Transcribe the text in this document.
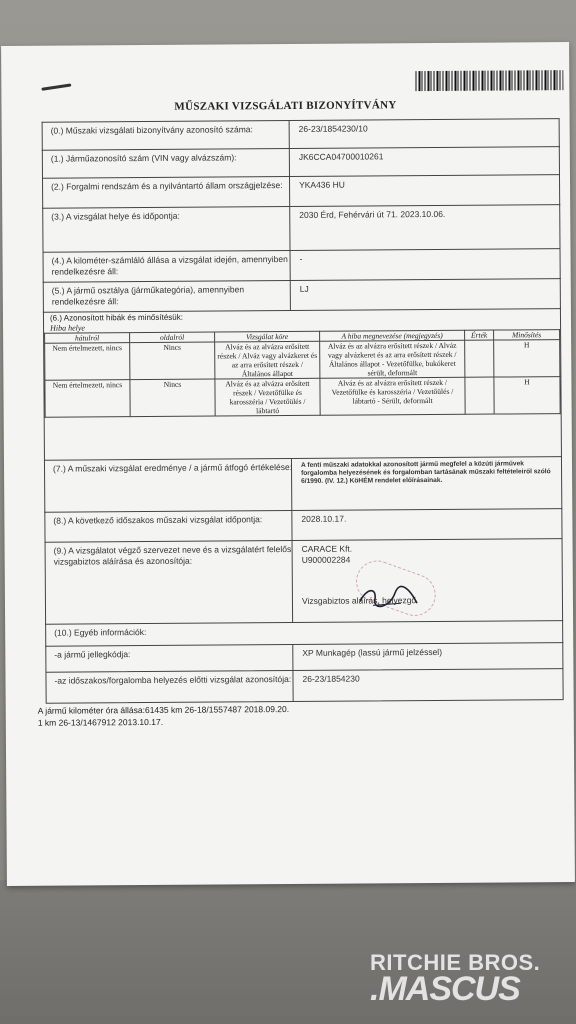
MŰSZAKI VIZSGÁLATI BIZONYÍTVÁNY
(0.) Műszaki vizsgálati bizonyítvány azonosító száma:	26-23/1854230/10
(1.) Járműazonosító szám (VIN vagy alvázszám):	JK6CCA04700010261
(2.) Forgalmi rendszám és a nyilvántartó állam országjelzése:	YKA436 HU
(3.) A vizsgálat helye és időpontja:	2030 Érd, Fehérvári út 71. 2023.10.06.
(4.) A kilométer-számláló állása a vizsgálat idején, amennyiben rendelkezésre áll:
-
(5.) A jármű osztálya (járműkategória), amennyiben rendelkezésre áll:
LJ
(6.) Azonosított hibák és minősítésük:
Hiba helye
hátulról	oldalról	Vizsgálat köre	A hiba megnevezése (megjegyzés)	Érték	Minősítés
Nem értelmezett, nincs	Nincs	Alváz és az alvázra erősített részek / Alváz vagy alvázkeret és az arra erősített részek / Általános állapot	Alváz és az alvázra erősített részek / Alváz vagy alvázkeret és az arra erősített részek / Általános állapot - Vezetőfülke, bukókeret sérült, deformált		H
Nem értelmezett, nincs	Nincs	Alváz és az alvázra erősített részek / Vezetőfülke és karosszéria / Vezetőülés / lábtartó	Alváz és az alvázra erősített részek / Vezetőfülke és karosszéria / Vezetőülés / lábtartó - Sérült, deformált		H
(7.) A műszaki vizsgálat eredménye / a jármű átfogó értékelése: A fenti műszaki adatokkal azonosított jármű megfelel a közúti járművek forgalomba helyezésének és forgalomban tartásának műszaki feltételeiről szóló 6/1990. (IV. 12.) KöHÉM rendelet előírásainak.
(8.) A következő időszakos műszaki vizsgálat időpontja:	2028.10.17.
(9.) A vizsgálatot végző szervezet neve és a vizsgálatért felelős vizsgabiztos aláírása és azonosítója:
CARACE Kft.
U900002284
Vizsgabiztos aláírás, helyezgő
(10.) Egyéb információk:
-a jármű jellegkódja:	XP Munkagép (lassú jármű jelzéssel)
-az időszakos/forgalomba helyezés előtti vizsgálat azonosítója:	26-23/1854230
A jármű kilométer óra állása:61435 km 26-18/1557487 2018.09.20.
1 km 26-13/1467912 2013.10.17.
RITCHIE BROS.
.MASCUS
